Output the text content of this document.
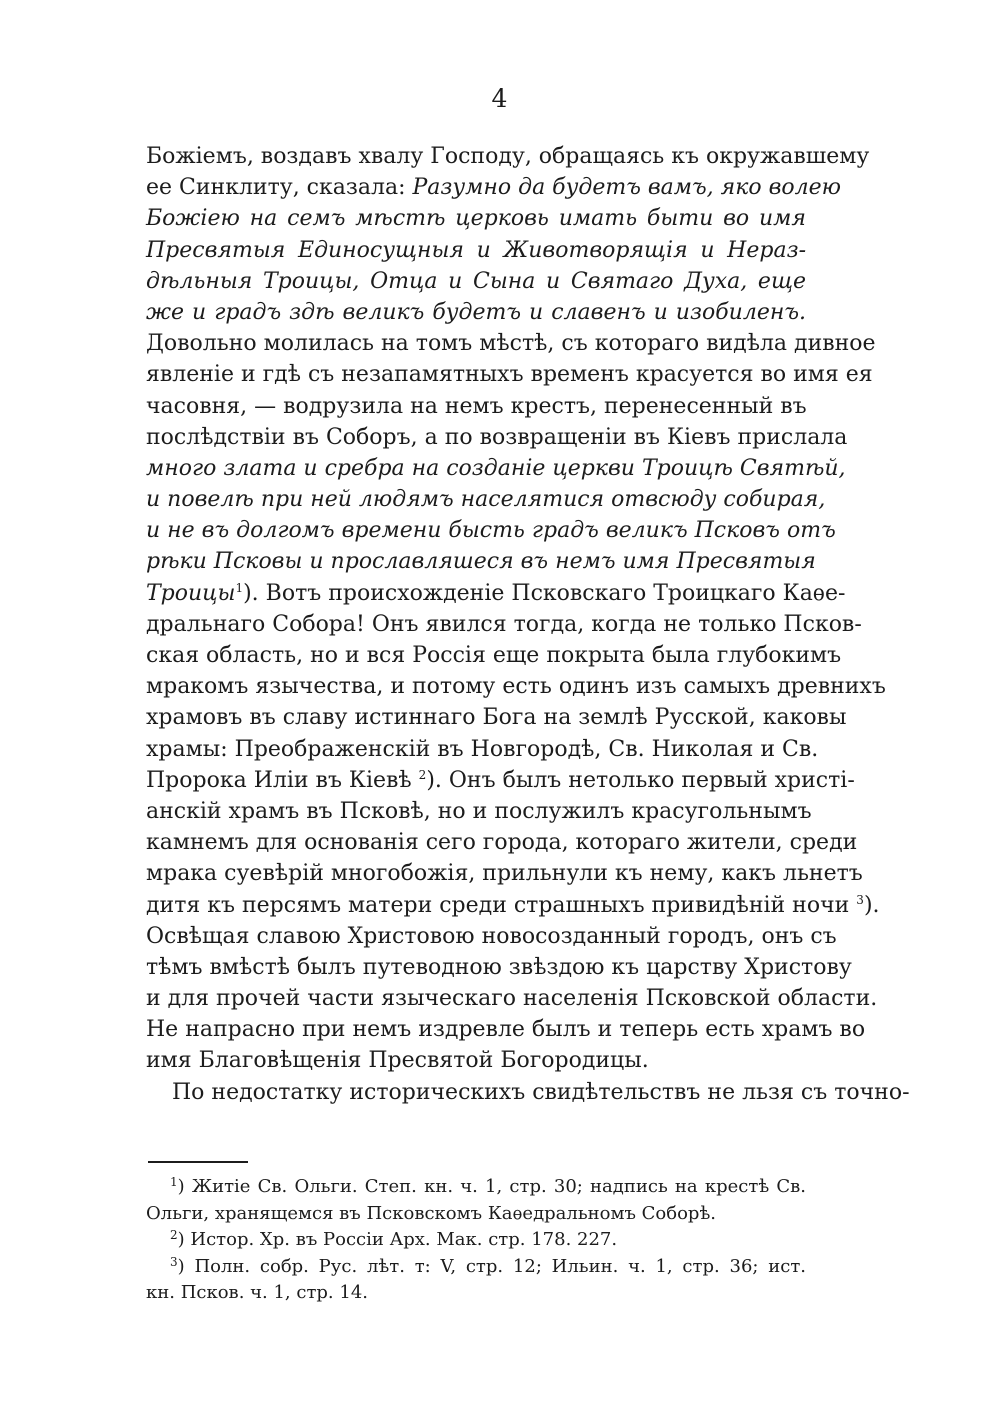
4
Божіемъ, воздавъ хвалу Господу, обращаясь къ окружавшему
ее Синклиту, сказала: Разумно да будетъ вамъ, яко волею
Божіею на семъ мѣстѣ церковь имать быти во имя
Пресвятыя Единосущныя и Животворящія и Нераз-
дѣльныя Троицы, Отца и Сына и Святаго Духа, еще
же и градъ здѣ великъ будетъ и славенъ и изобиленъ.
Довольно молилась на томъ мѣстѣ, съ котораго видѣла дивное
явленіе и гдѣ съ незапамятныхъ временъ красуется во имя ея
часовня, — водрузила на немъ крестъ, перенесенный въ
послѣдствіи въ Соборъ, а по возвращеніи въ Кіевъ прислала
много злата и сребра на созданіе церкви Троицѣ Святѣй,
и повелѣ при ней людямъ населятися отвсюду собирая,
и не въ долгомъ времени бысть градъ великъ Псковъ отъ
рѣки Псковы и прославляшеся въ немъ имя Пресвятыя
Троицы$^1$). Вотъ происхожденіе Псковскаго Троицкаго Каѳе-
дральнаго Собора! Онъ явился тогда, когда не только Псков-
ская область, но и вся Россія еще покрыта была глубокимъ
мракомъ язычества, и потому есть одинъ изъ самыхъ древнихъ
храмовъ въ славу истиннаго Бога на землѣ Русской, каковы
храмы: Преображенскій въ Новгородѣ, Св. Николая и Св.
Пророка Иліи въ Кіевѣ $^2$). Онъ былъ нетолько первый христі-
анскій храмъ въ Псковѣ, но и послужилъ красугольнымъ
камнемъ для основанія сего города, котораго жители, среди
мрака суевѣрій многобожія, прильнули къ нему, какъ льнетъ
дитя къ персямъ матери среди страшныхъ привидѣній ночи $^3$).
Освѣщая славою Христовою новосозданный городъ, онъ съ
тѣмъ вмѣстѣ былъ путеводною звѣздою къ царству Христову
и для прочей части языческаго населенія Псковской области.
Не напрасно при немъ издревле былъ и теперь есть храмъ во
имя Благовѣщенія Пресвятой Богородицы.
По недостатку историческихъ свидѣтельствъ не льзя съ точно-
$^1$) Житіе Св. Ольги. Степ. кн. ч. 1, стр. 30; надпись на крестѣ Св.
Ольги, хранящемся въ Псковскомъ Каѳедральномъ Соборѣ.
$^2$) Истор. Хр. въ Россіи Арх. Мак. стр. 178. 227.
$^3$) Полн. собр. Рус. лѣт. т: V, стр. 12; Ильин. ч. 1, стр. 36; ист.
кн. Псков. ч. 1, стр. 14.
